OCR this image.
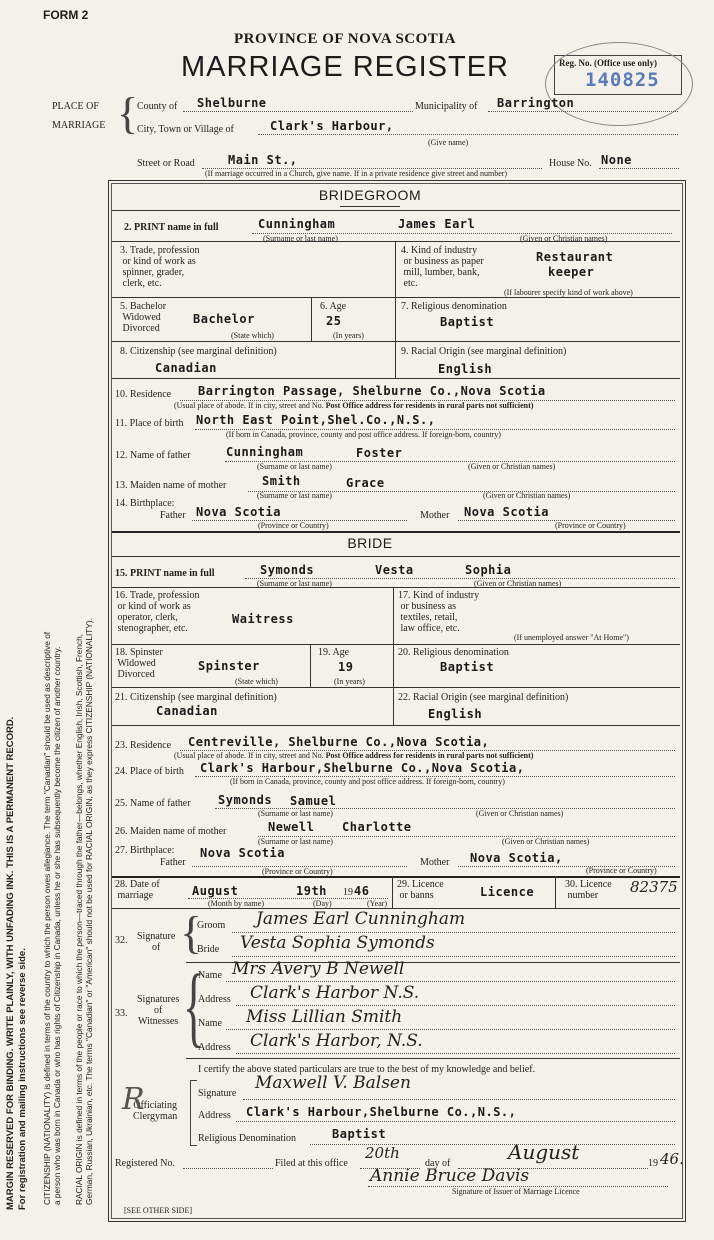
FORM 2
PROVINCE OF NOVA SCOTIA
MARRIAGE REGISTER	Reg. No. (Office use only)
140825
PLACE OF
MARRIAGE {
County of Shelburne	Municipality of Barrington
City, Town or Village of	Clark's Harbour,
(Give name)
Street or Road	Main St.,	House No. None
(If marriage occurred in a Church, give name. If in a private residence give street and number)
MARGIN RESERVED FOR BINDING. WRITE PLAINLY, WITH UNFADING INK. THIS IS A PERMANENT RECORD. For registration and mailing instructions see reverse side. CITIZENSHIP (NATIONALITY) is defined in terms of the country to which the person owes allegiance. The term "Canadian" should be used as descriptive of a person who was born in Canada or who has rights of Citizenship in Canada, unless he or she has subsequently become the citizen of another country. RACIAL ORIGIN is defined in terms of the people or race to which the person—traced through the father—belongs, whether English, Irish, Scottish, French, German, Russian, Ukrainian, etc. The terms "Canadian" or "American" should not be used for RACIAL ORIGIN, as they express CITIZENSHIP (NATIONALITY).
BRIDEGROOM
2. PRINT name in full	Cunningham	James Earl
(Surname or last name)	(Given or Christian names)
3. Trade, profession
or kind of work as
spinner, grader,
clerk, etc.
4. Kind of industry
or business as paper
mill, lumber, bank,
etc.
Restaurant
keeper
(If labourer specify kind of work above)
5. Bachelor
Widowed
Divorced
Bachelor
(State which)
6. Age
25
(In years)
7. Religious denomination
Baptist
8. Citizenship (see marginal definition)
Canadian
9. Racial Origin (see marginal definition)
English
10. Residence Barrington Passage, Shelburne Co.,Nova Scotia
(Usual place of abode. If in city, street and No. Post Office address for residents in rural parts not sufficient)
11. Place of birth North East Point,Shel.Co.,N.S.,
(If born in Canada, province, county and post office address. If foreign-born, country)
12. Name of father	Cunningham	Foster
(Surname or last name)	(Given or Christian names)
13. Maiden name of mother	Smith	Grace
(Surname or last name)	(Given or Christian names)
14. Birthplace:
Father Nova Scotia
(Province or Country)
Mother Nova Scotia
(Province or Country)
BRIDE
15. PRINT name in full	Symonds	Vesta	Sophia
(Surname or last name)	(Given or Christian names)
16. Trade, profession
or kind of work as
operator, clerk,
stenographer, etc.
Waitress
17. Kind of industry
or business as
textiles, retail,
law office, etc.
(If unemployed answer "At Home")
18. Spinster
Widowed
Divorced
Spinster
(State which)
19. Age
19
(In years)
20. Religious denomination
Baptist
21. Citizenship (see marginal definition)
Canadian
22. Racial Origin (see marginal definition)
English
23. Residence Centreville, Shelburne Co.,Nova Scotia,
(Usual place of abode. If in city, street and No. Post Office address for residents in rural parts not sufficient)
24. Place of birth Clark's Harbour,Shelburne Co.,Nova Scotia,
(If born in Canada, province, county and post office address. If foreign-born, country)
25. Name of father Symonds Samuel
(Surname or last name)	(Given or Christian names)
26. Maiden name of mother	Newell Charlotte
(Surname or last name)	(Given or Christian names)
27. Birthplace:
Father
Nova Scotia
(Province or Country)
Mother Nova Scotia,
(Province or Country)
28. Date of
marriage	August	19th 19 46
(Month by name)	(Day)	(Year)
29. Licence
or banns	Licence
30. Licence
number	82375
32. Signature
of {
Groom James Earl Cunningham
Bride Vesta Sophia Symonds
33.
Signatures
of
Witnesses {
Name Mrs Avery B Newell
Address Clark's Harbor N.S.
Name Miss Lillian Smith
Address Clark's Harbor, N.S.
I certify the above stated particulars are true to the best of my knowledge and belief.
Officiating
Clergyman
R	Signature
Maxwell V. Balsen
Address Clark's Harbour,Shelburne Co.,N.S.,
Religious Denomination	Baptist
Registered No.	Filed at this office
20th
day of	August	19 46.
Annie Bruce Davis
Signature of Issuer of Marriage Licence
[SEE OTHER SIDE]
